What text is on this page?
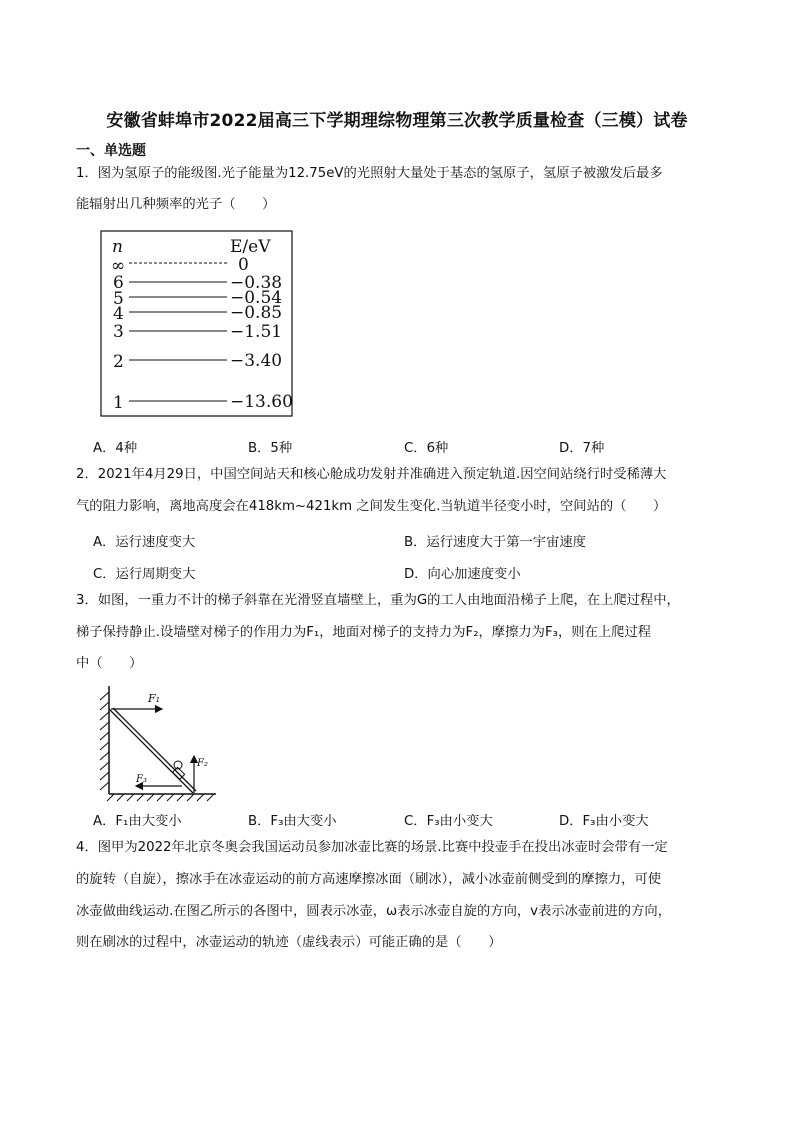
安徽省蚌埠市2022届高三下学期理综物理第三次教学质量检查（三模）试卷
一、单选题
1．图为氢原子的能级图.光子能量为12.75eV的光照射大量处于基态的氢原子，氢原子被激发后最多
能辐射出几种频率的光子（　　）
n	E/eV
∞	0
6	−0.38
5	−0.54
4	−0.85
3	−1.51
2	−3.40
1	−13.60
A．4种	B．5种	C．6种	D．7种
2．2021年4月29日，中国空间站天和核心舱成功发射并准确进入预定轨道.因空间站绕行时受稀薄大
气的阻力影响，离地高度会在418km~421km 之间发生变化.当轨道半径变小时，空间站的（　　）
A．运行速度变大	B．运行速度大于第一宇宙速度
C．运行周期变大	D．向心加速度变小
3．如图，一重力不计的梯子斜靠在光滑竖直墙壁上，重为G的工人由地面沿梯子上爬，在上爬过程中，
梯子保持静止.设墙壁对梯子的作用力为F₁，地面对梯子的支持力为F₂，摩擦力为F₃，则在上爬过程
中（　　）
F₁
F₂
F₃
A．F₁由大变小	B．F₃由大变小	C．F₃由小变大	D．F₃由小变大
4．图甲为2022年北京冬奥会我国运动员参加冰壶比赛的场景.比赛中投壶手在投出冰壶时会带有一定
的旋转（自旋），擦冰手在冰壶运动的前方高速摩擦冰面（刷冰），减小冰壶前侧受到的摩擦力，可使
冰壶做曲线运动.在图乙所示的各图中，圆表示冰壶，ω表示冰壶自旋的方向，v表示冰壶前进的方向，
则在刷冰的过程中，冰壶运动的轨迹（虚线表示）可能正确的是（　　）
